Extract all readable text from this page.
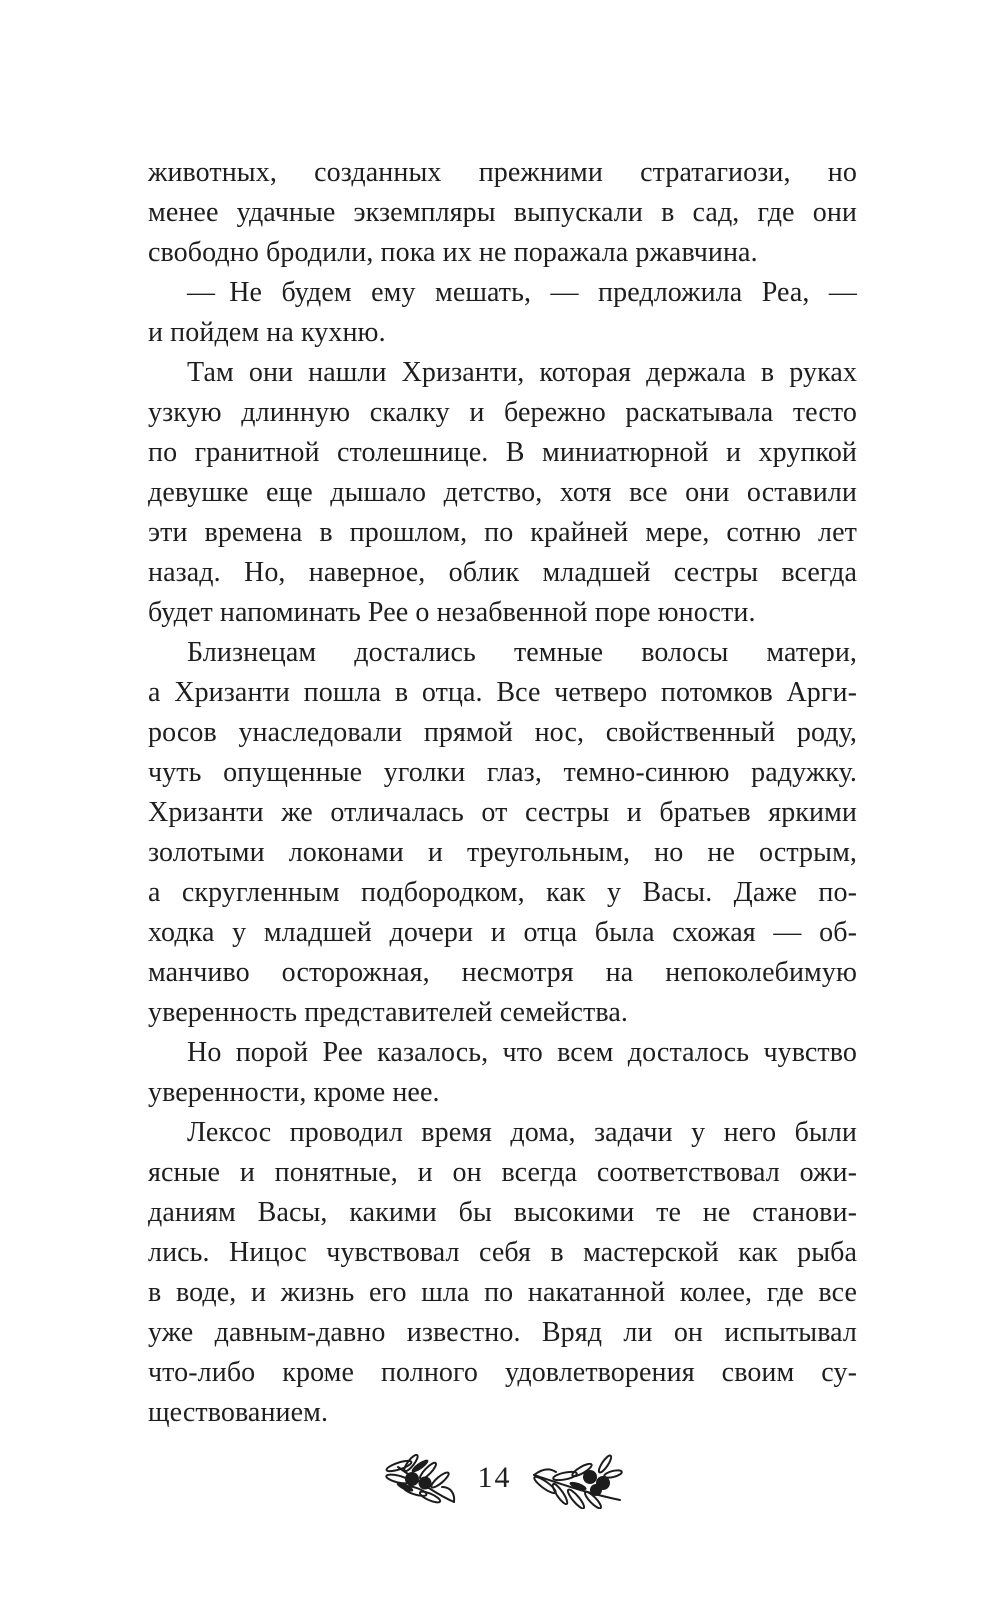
животных, созданных прежними стратагиози, но
менее удачные экземпляры выпускали в сад, где они
свободно бродили, пока их не поражала ржавчина.
— Не будем ему мешать, — предложила Реа, —
и пойдем на кухню.
Там они нашли Хризанти, которая держала в руках
узкую длинную скалку и бережно раскатывала тесто
по гранитной столешнице. В миниатюрной и хрупкой
девушке еще дышало детство, хотя все они оставили
эти времена в прошлом, по крайней мере, сотню лет
назад. Но, наверное, облик младшей сестры всегда
будет напоминать Рее о незабвенной поре юности.
Близнецам достались темные волосы матери,
а Хризанти пошла в отца. Все четверо потомков Арги-
росов унаследовали прямой нос, свойственный роду,
чуть опущенные уголки глаз, темно-синюю радужку.
Хризанти же отличалась от сестры и братьев яркими
золотыми локонами и треугольным, но не острым,
а скругленным подбородком, как у Васы. Даже по-
ходка у младшей дочери и отца была схожая — об-
манчиво осторожная, несмотря на непоколебимую
уверенность представителей семейства.
Но порой Рее казалось, что всем досталось чувство
уверенности, кроме нее.
Лексос проводил время дома, задачи у него были
ясные и понятные, и он всегда соответствовал ожи-
даниям Васы, какими бы высокими те не станови-
лись. Ницос чувствовал себя в мастерской как рыба
в воде, и жизнь его шла по накатанной колее, где все
уже давным-давно известно. Вряд ли он испытывал
что-либо кроме полного удовлетворения своим су-
ществованием.
14
